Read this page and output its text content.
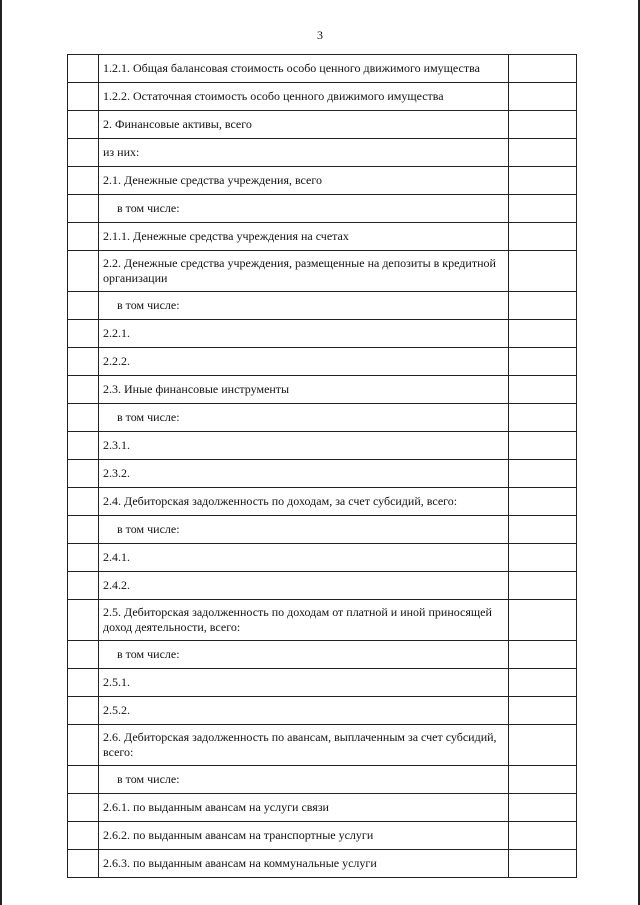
3
	1.2.1. Общая балансовая стоимость особо ценного движимого имущества	
	1.2.2. Остаточная стоимость особо ценного движимого имущества	
	2. Финансовые активы, всего	
	из них:	
	2.1. Денежные средства учреждения, всего	
	в том числе:	
	2.1.1. Денежные средства учреждения на счетах	
	2.2. Денежные средства учреждения, размещенные на депозиты в кредитной организации	
	в том числе:	
	2.2.1.	
	2.2.2.	
	2.3. Иные финансовые инструменты	
	в том числе:	
	2.3.1.	
	2.3.2.	
	2.4. Дебиторская задолженность по доходам, за счет субсидий, всего:	
	в том числе:	
	2.4.1.	
	2.4.2.	
	2.5. Дебиторская задолженность по доходам от платной и иной приносящей доход деятельности, всего:	
	в том числе:	
	2.5.1.	
	2.5.2.	
	2.6. Дебиторская задолженность по авансам, выплаченным за счет субсидий, всего:	
	в том числе:	
	2.6.1. по выданным авансам на услуги связи	
	2.6.2. по выданным авансам на транспортные услуги	
	2.6.3. по выданным авансам на коммунальные услуги	
